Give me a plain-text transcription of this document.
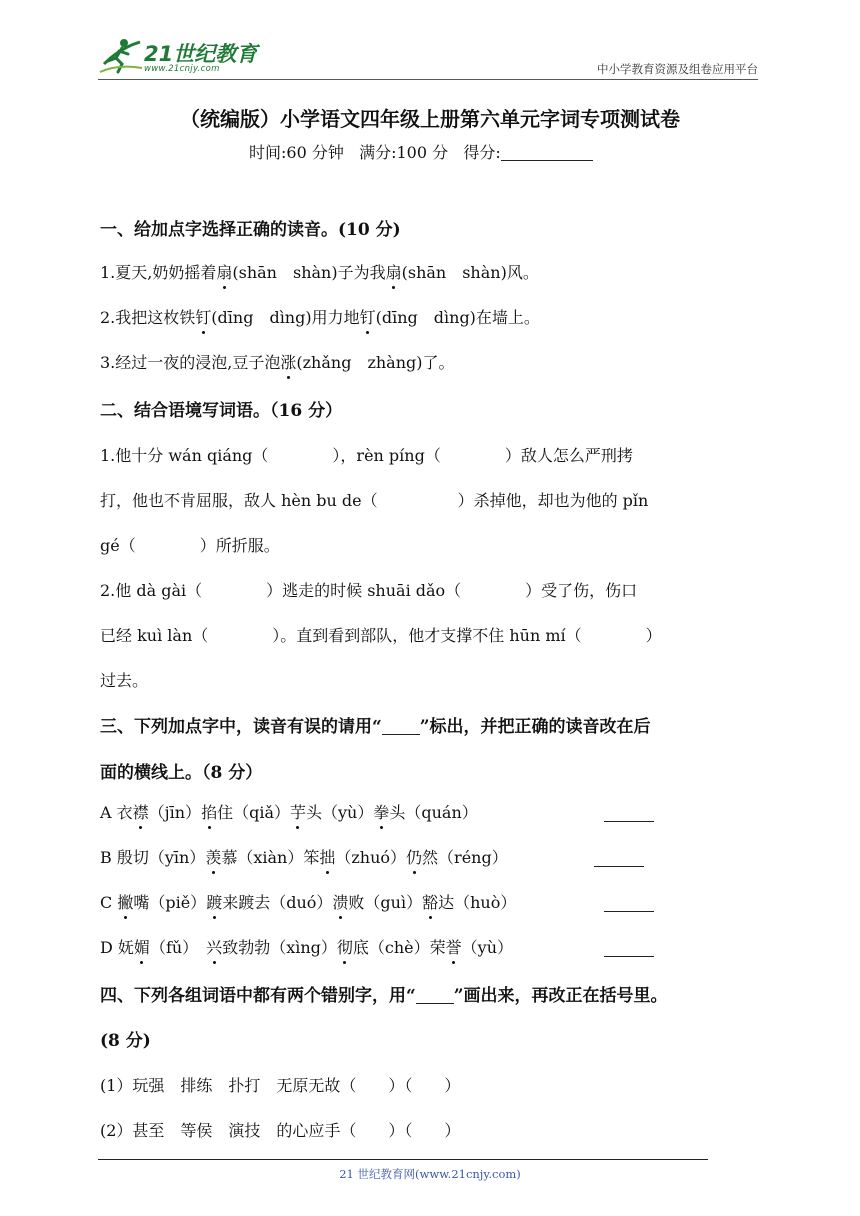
21世纪教育
www.21cnjy.com	中小学教育资源及组卷应用平台
（统编版）小学语文四年级上册第六单元字词专项测试卷
时间:60 分钟 满分:100 分 得分:
一、给加点字选择正确的读音。(10 分)
1.夏天,奶奶摇着扇(shān　shàn)子为我扇(shān　shàn)风。
2.我把这枚铁钉(dīng　dìng)用力地钉(dīng　dìng)在墙上。
3.经过一夜的浸泡,豆子泡涨(zhǎng　zhàng)了。
二、结合语境写词语。（16 分）
1.他十分 wán qiáng（　　　　），rèn píng（　　　　）敌人怎么严刑拷
打，他也不肯屈服，敌人 hèn bu de（　　　　　）杀掉他，却也为他的 pǐn
gé（　　　　）所折服。
2.他 dà gài（　　　　）逃走的时候 shuāi dǎo（　　　　）受了伤，伤口
已经 kuì làn（　　　　）。直到看到部队，他才支撑不住 hūn mí（　　　　）
过去。
三、下列加点字中，读音有误的请用“ ”标出，并把正确的读音改在后
面的横线上。（8 分）
A 衣襟（jīn）掐住（qiǎ）芋头（yù）拳头（quán）
B 殷切（yīn）羡慕（xiàn）笨拙（zhuó）仍然（réng）
C 撇嘴（piě）踱来踱去（duó）溃败（guì）豁达（huò）
D 妩媚（fǔ）　兴致勃勃（xìng）彻底（chè）荣誉（yù）
四、下列各组词语中都有两个错别字，用“ ”画出来，再改正在括号里。
(8 分)
(1）玩强　排练　扑打　无原无故（　　）（　　）
(2）甚至　等侯　演技　的心应手（　　）（　　）
21 世纪教育网(www.21cnjy.com)
